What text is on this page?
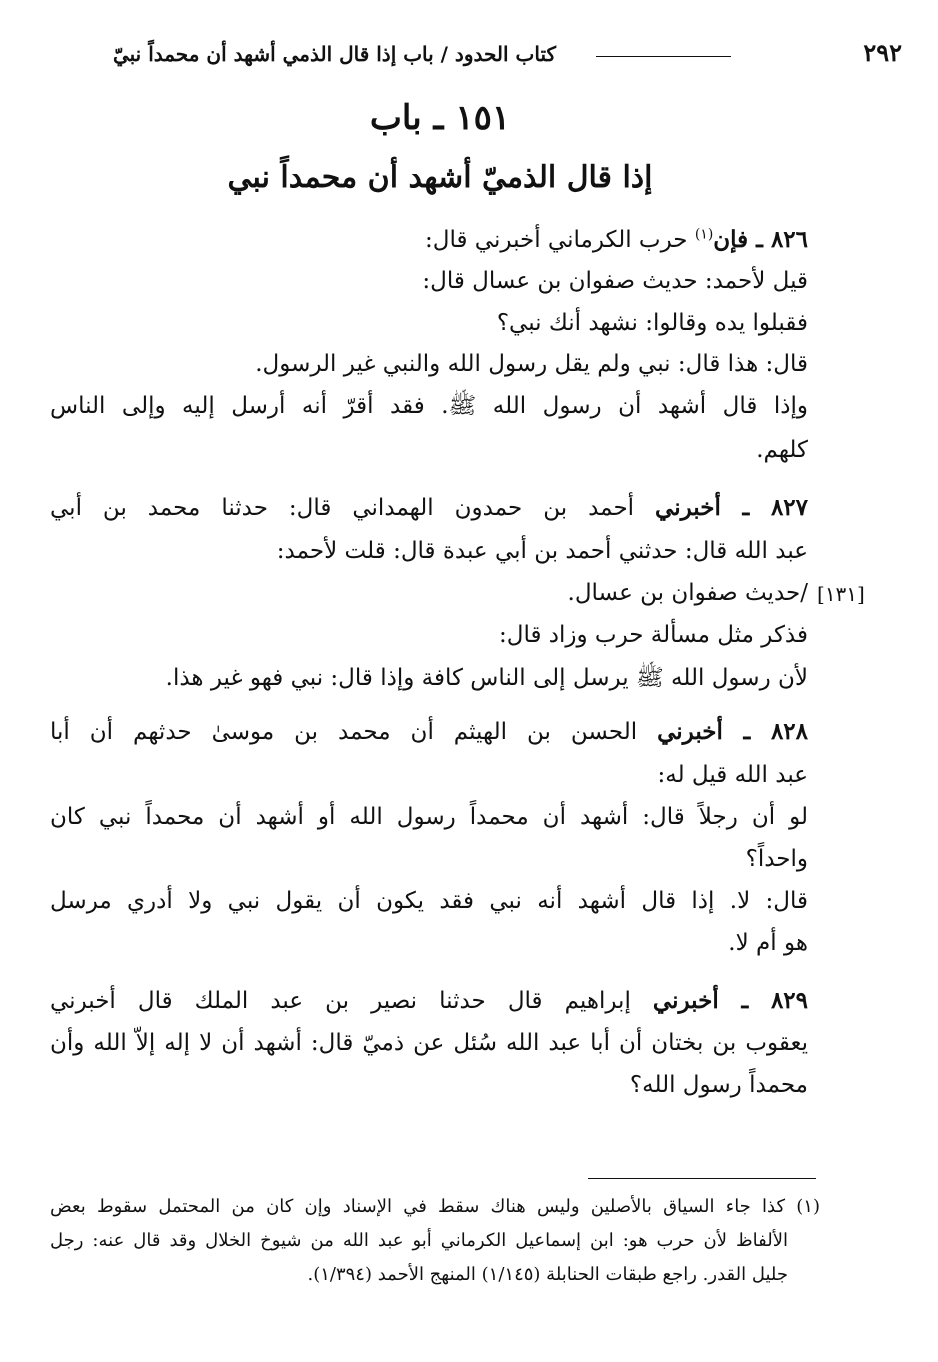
٢٩٢
كتاب الحدود / باب إذا قال الذمي أشهد أن محمداً نبيّ
١٥١ ـ باب
إذا قال الذميّ أشهد أن محمداً نبي
٨٢٦ ـ فإن$^{(١)}$ حرب الكرماني أخبرني قال:
قيل لأحمد: حديث صفوان بن عسال قال:
فقبلوا يده وقالوا: نشهد أنك نبي؟
قال: هذا قال: نبي ولم يقل رسول الله والنبي غير الرسول.
وإذا قال أشهد أن رسول الله ﷺ. فقد أقرّ أنه أرسل إليه وإلى الناس
كلهم.
٨٢٧ ـ أخبرني أحمد بن حمدون الهمداني قال: حدثنا محمد بن أبي
عبد الله قال: حدثني أحمد بن أبي عبدة قال: قلت لأحمد:
/حديث صفوان بن عسال. [١٣١]
فذكر مثل مسألة حرب وزاد قال:
لأن رسول الله ﷺ يرسل إلى الناس كافة وإذا قال: نبي فهو غير هذا.
٨٢٨ ـ أخبرني الحسن بن الهيثم أن محمد بن موسىٰ حدثهم أن أبا
عبد الله قيل له:
لو أن رجلاً قال: أشهد أن محمداً رسول الله أو أشهد أن محمداً نبي كان
واحداً؟
قال: لا. إذا قال أشهد أنه نبي فقد يكون أن يقول نبي ولا أدري مرسل
هو أم لا.
٨٢٩ ـ أخبرني إبراهيم قال حدثنا نصير بن عبد الملك قال أخبرني
يعقوب بن بختان أن أبا عبد الله سُئل عن ذميّ قال: أشهد أن لا إله إلاّ الله وأن
محمداً رسول الله؟
(١) كذا جاء السياق بالأصلين وليس هناك سقط في الإسناد وإن كان من المحتمل سقوط بعض
الألفاظ لأن حرب هو: ابن إسماعيل الكرماني أبو عبد الله من شيوخ الخلال وقد قال عنه: رجل
جليل القدر. راجع طبقات الحنابلة (١/١٤٥) المنهج الأحمد (١/٣٩٤).
